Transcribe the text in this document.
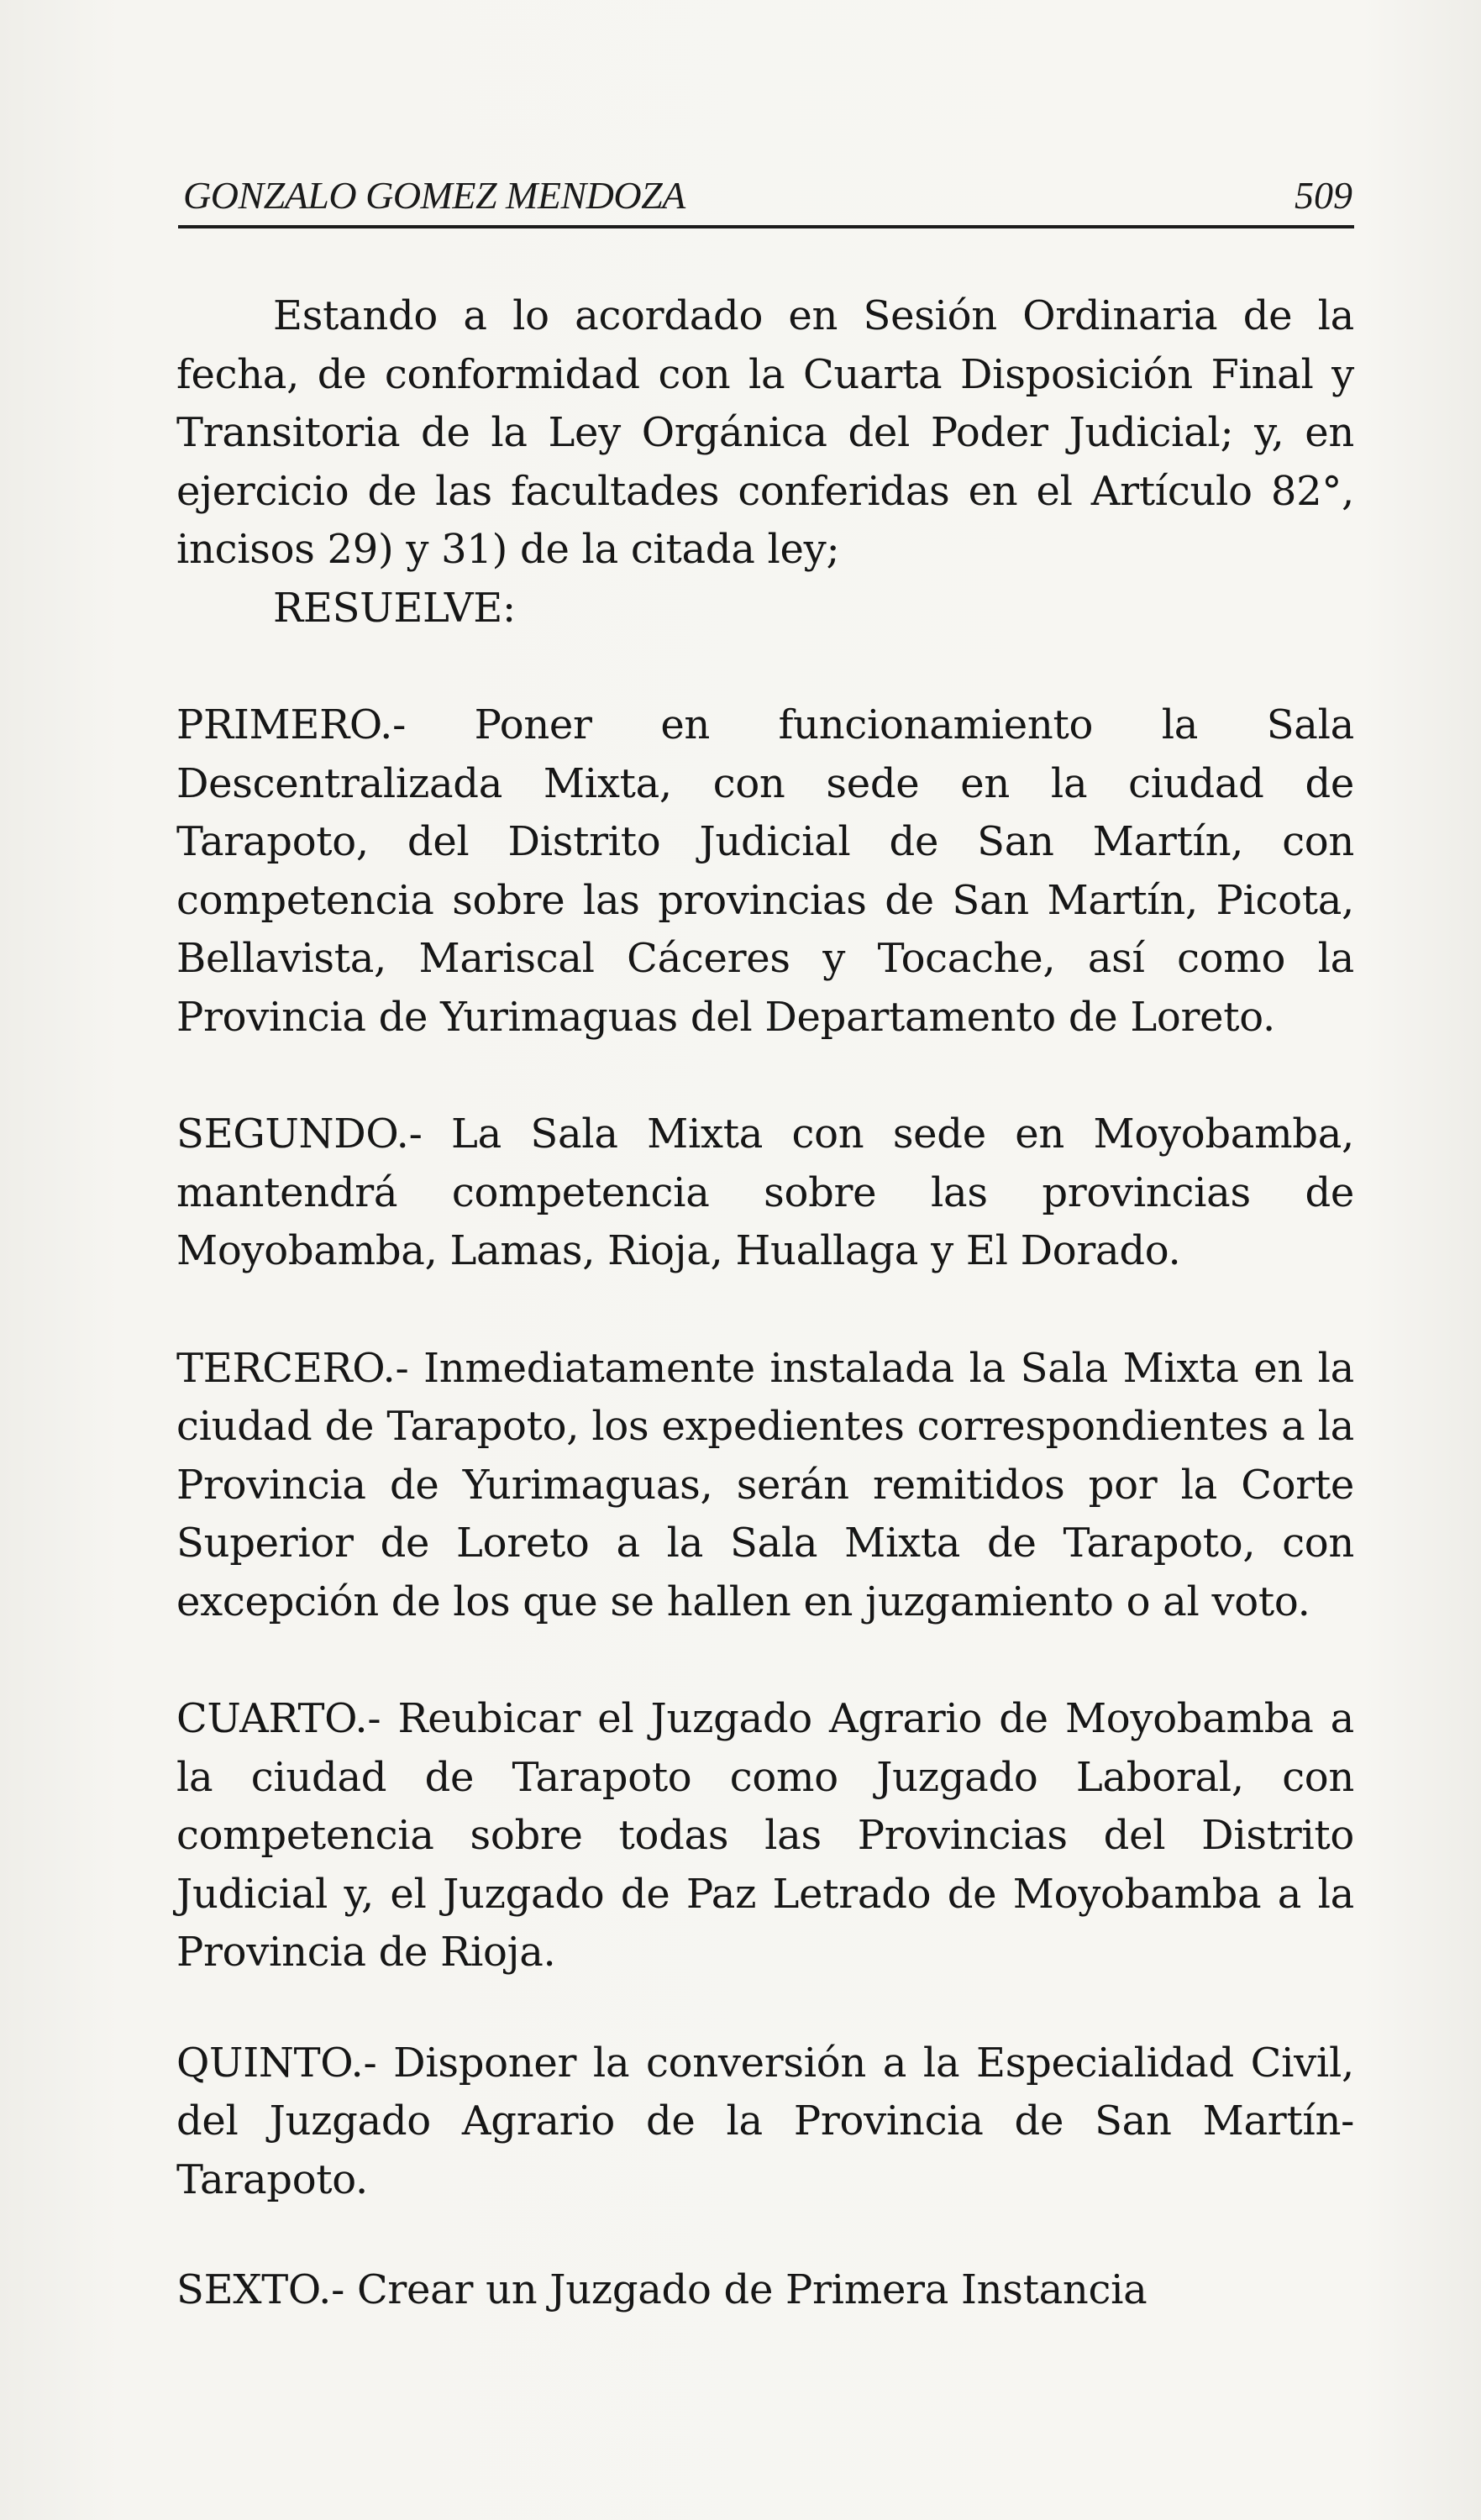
GONZALO GOMEZ MENDOZA	509

Estando a lo acordado en Sesión Ordinaria de la fecha, de conformidad con la Cuarta Disposición Final y Transitoria de la Ley Orgánica del Poder Judicial; y, en ejercicio de las facultades conferidas en el Artículo 82°, incisos 29) y 31) de la citada ley;

RESUELVE:

PRIMERO.- Poner en funcionamiento la Sala Descentralizada Mixta, con sede en la ciudad de Tarapoto, del Distrito Judicial de San Martín, con competencia sobre las provincias de San Martín, Picota, Bellavista, Mariscal Cáceres y Tocache, así como la Provincia de Yurimaguas del Departamento de Loreto.

SEGUNDO.- La Sala Mixta con sede en Moyobamba, mantendrá competencia sobre las provincias de Moyobamba, Lamas, Rioja, Huallaga y El Dorado.

TERCERO.- Inmediatamente instalada la Sala Mixta en la ciudad de Tarapoto, los expedientes correspondientes a la Provincia de Yurimaguas, serán remitidos por la Corte Superior de Loreto a la Sala Mixta de Tarapoto, con excepción de los que se hallen en juzgamiento o al voto.

CUARTO.- Reubicar el Juzgado Agrario de Moyobamba a la ciudad de Tarapoto como Juzgado Laboral, con competencia sobre todas las Provincias del Distrito Judicial y, el Juzgado de Paz Letrado de Moyobamba a la Provincia de Rioja.

QUINTO.- Disponer la conversión a la Especialidad Civil, del Juzgado Agrario de la Provincia de San Martín-Tarapoto.

SEXTO.- Crear un Juzgado de Primera Instancia
